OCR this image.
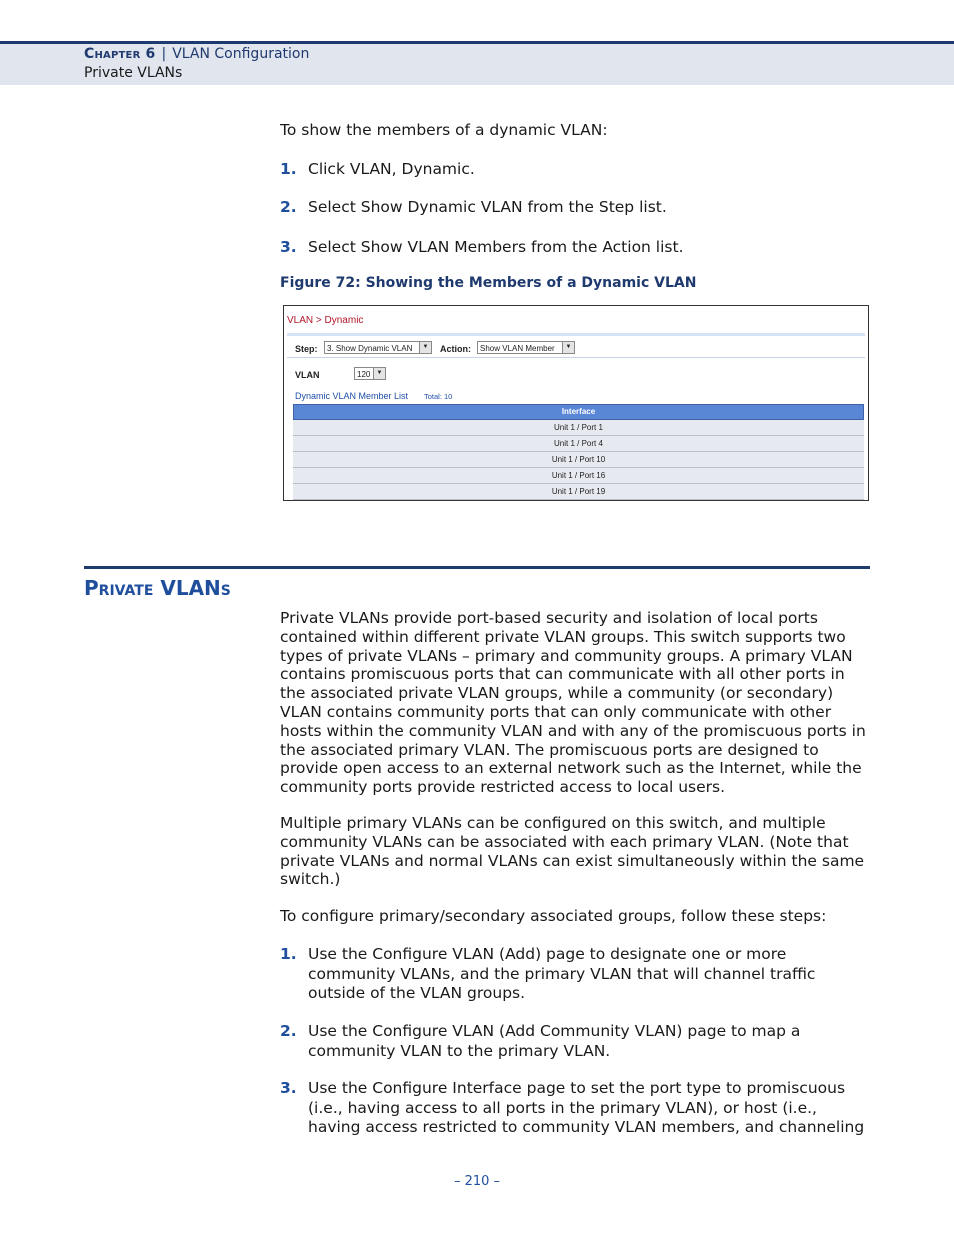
Chapter 6 | VLAN Configuration
Private VLANs
To show the members of a dynamic VLAN:
1. Click VLAN, Dynamic.
2. Select Show Dynamic VLAN from the Step list.
3. Select Show VLAN Members from the Action list.
Figure 72: Showing the Members of a Dynamic VLAN
VLAN > Dynamic
Step:	3. Show Dynamic VLAN	▼ Action:	Show VLAN Member	▼
VLAN	120	▼
Dynamic VLAN Member List Total: 10
Interface
Unit 1 / Port 1
Unit 1 / Port 4
Unit 1 / Port 10
Unit 1 / Port 16
Unit 1 / Port 19
Private VLANs
Private VLANs provide port-based security and isolation of local ports contained within different private VLAN groups. This switch supports two types of private VLANs – primary and community groups. A primary VLAN contains promiscuous ports that can communicate with all other ports in the associated private VLAN groups, while a community (or secondary) VLAN contains community ports that can only communicate with other hosts within the community VLAN and with any of the promiscuous ports in the associated primary VLAN. The promiscuous ports are designed to provide open access to an external network such as the Internet, while the community ports provide restricted access to local users.
Multiple primary VLANs can be configured on this switch, and multiple community VLANs can be associated with each primary VLAN. (Note that private VLANs and normal VLANs can exist simultaneously within the same switch.)
To configure primary/secondary associated groups, follow these steps:
1. Use the Configure VLAN (Add) page to designate one or more community VLANs, and the primary VLAN that will channel traffic outside of the VLAN groups.
2. Use the Configure VLAN (Add Community VLAN) page to map a community VLAN to the primary VLAN.
3. Use the Configure Interface page to set the port type to promiscuous (i.e., having access to all ports in the primary VLAN), or host (i.e., having access restricted to community VLAN members, and channeling
– 210 –
